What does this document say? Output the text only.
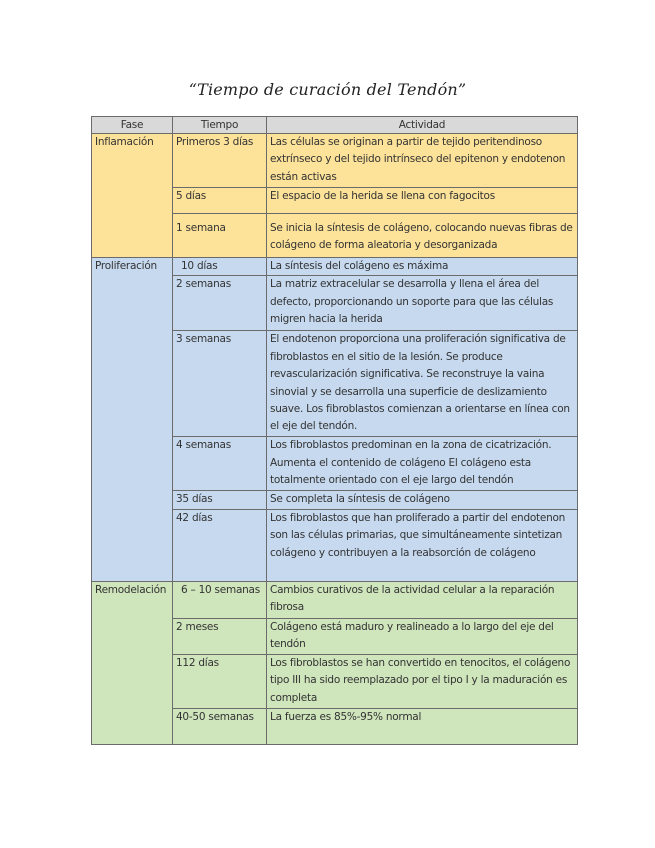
“Tiempo de curación del Tendón”
Fase	Tiempo	Actividad
Inflamación	Primeros 3 días	Las células se originan a partir de tejido peritendinoso extrínseco y del tejido intrínseco del epitenon y endotenon están activas
	5 días	El espacio de la herida se llena con fagocitos
	1 semana	Se inicia la síntesis de colágeno, colocando nuevas fibras de colágeno de forma aleatoria y desorganizada
Proliferación	10 días	La síntesis del colágeno es máxima
	2 semanas	La matriz extracelular se desarrolla y llena el área del defecto, proporcionando un soporte para que las células migren hacia la herida
	3 semanas	El endotenon proporciona una proliferación significativa de fibroblastos en el sitio de la lesión. Se produce revascularización significativa. Se reconstruye la vaina sinovial y se desarrolla una superficie de deslizamiento suave. Los fibroblastos comienzan a orientarse en línea con el eje del tendón.
	4 semanas	Los fibroblastos predominan en la zona de cicatrización. Aumenta el contenido de colágeno El colágeno esta totalmente orientado con el eje largo del tendón
	35 días	Se completa la síntesis de colágeno
	42 días	Los fibroblastos que han proliferado a partir del endotenon son las células primarias, que simultáneamente sintetizan colágeno y contribuyen a la reabsorción de colágeno
Remodelación	6 – 10 semanas	Cambios curativos de la actividad celular a la reparación fibrosa
	2 meses	Colágeno está maduro y realineado a lo largo del eje del tendón
	112 días	Los fibroblastos se han convertido en tenocitos, el colágeno tipo III ha sido reemplazado por el tipo I y la maduración es completa
	40-50 semanas	La fuerza es 85%-95% normal
